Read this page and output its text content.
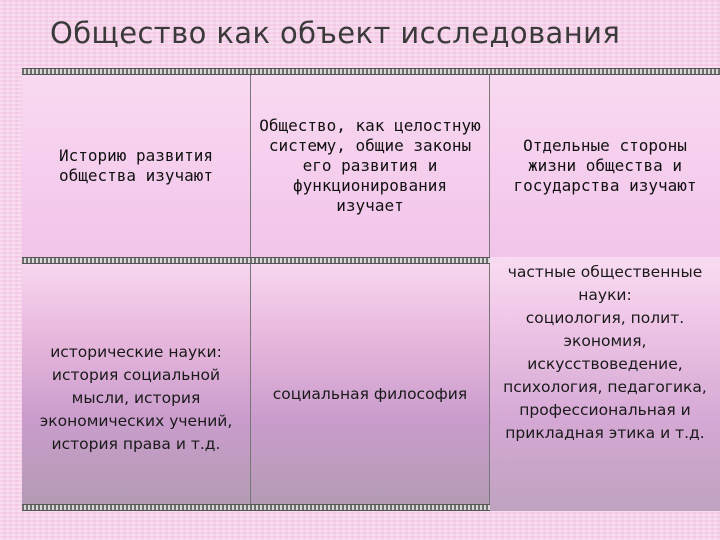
Общество как объект исследования
Историю развития общества изучают
Общество, как целостную систему, общие законы его развития и функционирования изучает
Отдельные стороны жизни общества и государства изучают
исторические науки:
история социальной мысли, история экономических учений, история права и т.д.
социальная философия
частные общественные науки:
социология, полит. экономия, искусствоведение, психология, педагогика, профессиональная и прикладная этика и т.д.
